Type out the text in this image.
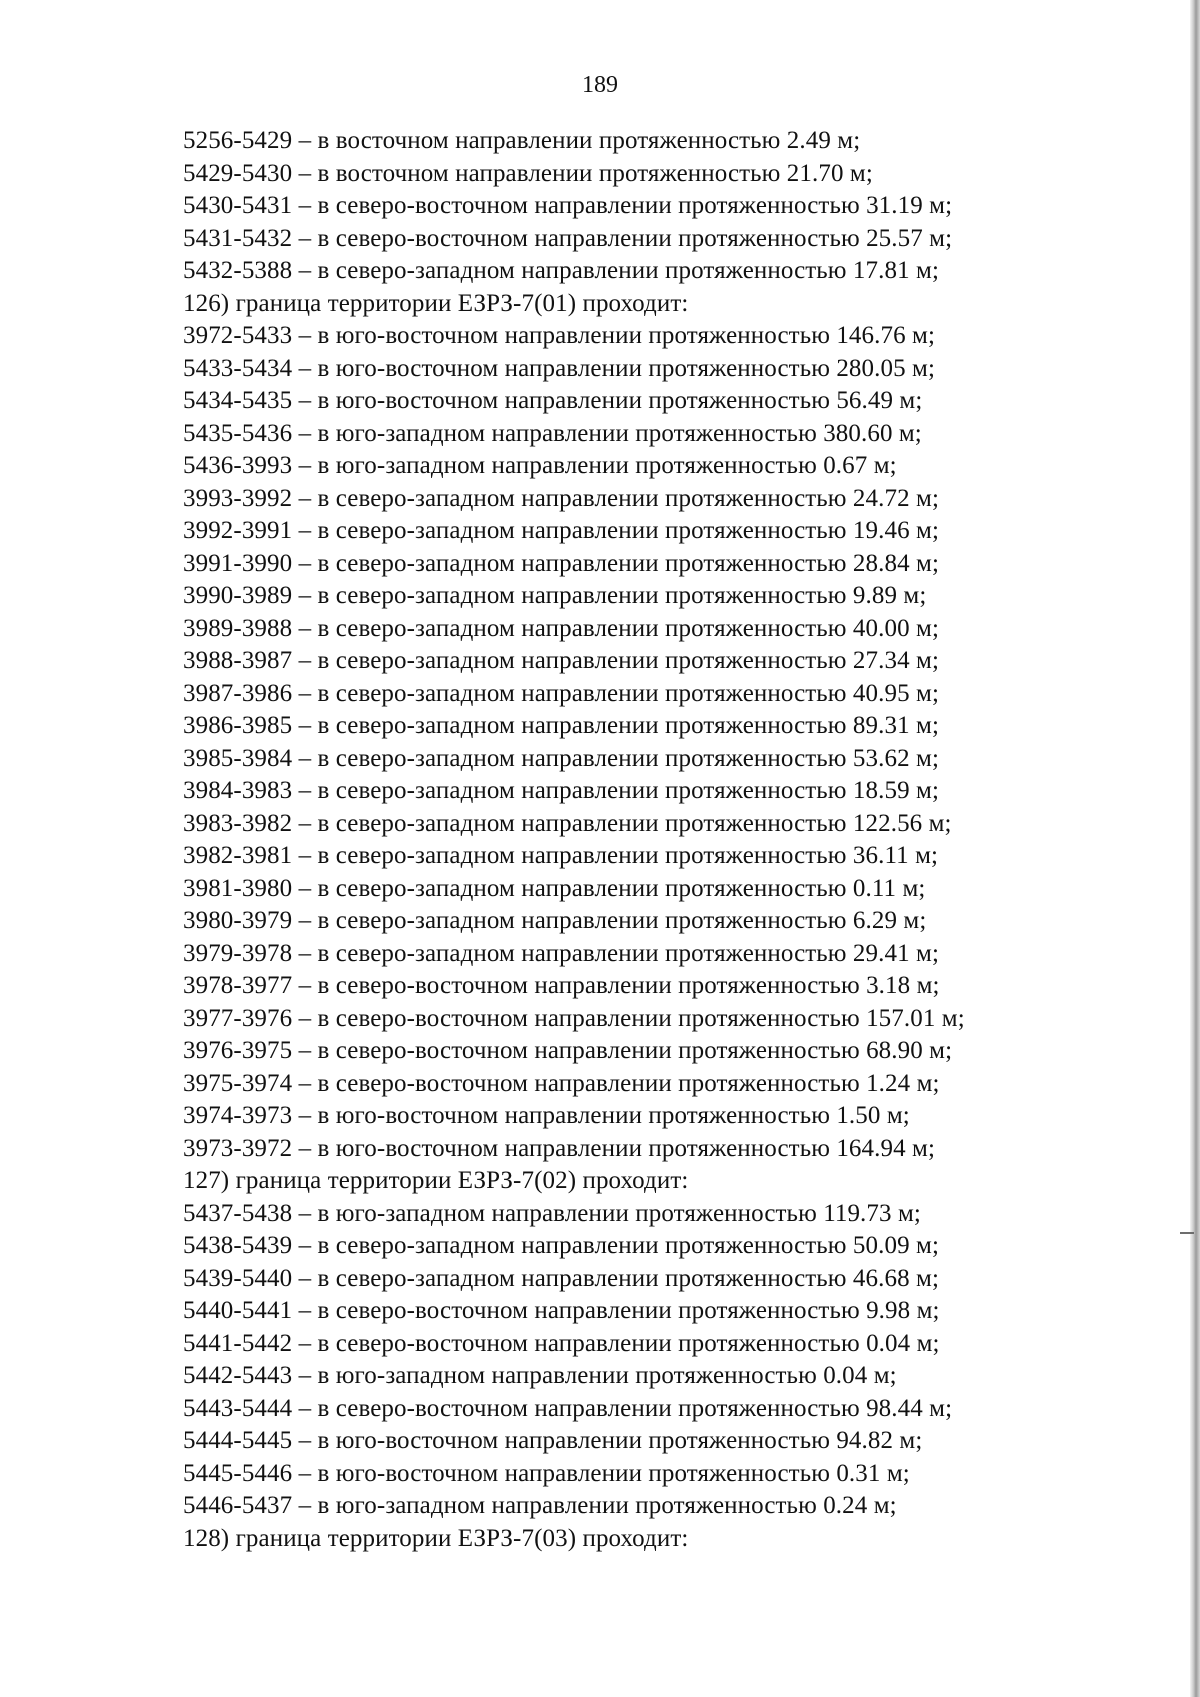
189
5256-5429 – в восточном направлении протяженностью 2.49 м;
5429-5430 – в восточном направлении протяженностью 21.70 м;
5430-5431 – в северо-восточном направлении протяженностью 31.19 м;
5431-5432 – в северо-восточном направлении протяженностью 25.57 м;
5432-5388 – в северо-западном направлении протяженностью 17.81 м;
126) граница территории ЕЗРЗ-7(01) проходит:
3972-5433 – в юго-восточном направлении протяженностью 146.76 м;
5433-5434 – в юго-восточном направлении протяженностью 280.05 м;
5434-5435 – в юго-восточном направлении протяженностью 56.49 м;
5435-5436 – в юго-западном направлении протяженностью 380.60 м;
5436-3993 – в юго-западном направлении протяженностью 0.67 м;
3993-3992 – в северо-западном направлении протяженностью 24.72 м;
3992-3991 – в северо-западном направлении протяженностью 19.46 м;
3991-3990 – в северо-западном направлении протяженностью 28.84 м;
3990-3989 – в северо-западном направлении протяженностью 9.89 м;
3989-3988 – в северо-западном направлении протяженностью 40.00 м;
3988-3987 – в северо-западном направлении протяженностью 27.34 м;
3987-3986 – в северо-западном направлении протяженностью 40.95 м;
3986-3985 – в северо-западном направлении протяженностью 89.31 м;
3985-3984 – в северо-западном направлении протяженностью 53.62 м;
3984-3983 – в северо-западном направлении протяженностью 18.59 м;
3983-3982 – в северо-западном направлении протяженностью 122.56 м;
3982-3981 – в северо-западном направлении протяженностью 36.11 м;
3981-3980 – в северо-западном направлении протяженностью 0.11 м;
3980-3979 – в северо-западном направлении протяженностью 6.29 м;
3979-3978 – в северо-западном направлении протяженностью 29.41 м;
3978-3977 – в северо-восточном направлении протяженностью 3.18 м;
3977-3976 – в северо-восточном направлении протяженностью 157.01 м;
3976-3975 – в северо-восточном направлении протяженностью 68.90 м;
3975-3974 – в северо-восточном направлении протяженностью 1.24 м;
3974-3973 – в юго-восточном направлении протяженностью 1.50 м;
3973-3972 – в юго-восточном направлении протяженностью 164.94 м;
127) граница территории ЕЗРЗ-7(02) проходит:
5437-5438 – в юго-западном направлении протяженностью 119.73 м;
5438-5439 – в северо-западном направлении протяженностью 50.09 м;
5439-5440 – в северо-западном направлении протяженностью 46.68 м;
5440-5441 – в северо-восточном направлении протяженностью 9.98 м;
5441-5442 – в северо-восточном направлении протяженностью 0.04 м;
5442-5443 – в юго-западном направлении протяженностью 0.04 м;
5443-5444 – в северо-восточном направлении протяженностью 98.44 м;
5444-5445 – в юго-восточном направлении протяженностью 94.82 м;
5445-5446 – в юго-восточном направлении протяженностью 0.31 м;
5446-5437 – в юго-западном направлении протяженностью 0.24 м;
128) граница территории ЕЗРЗ-7(03) проходит:
